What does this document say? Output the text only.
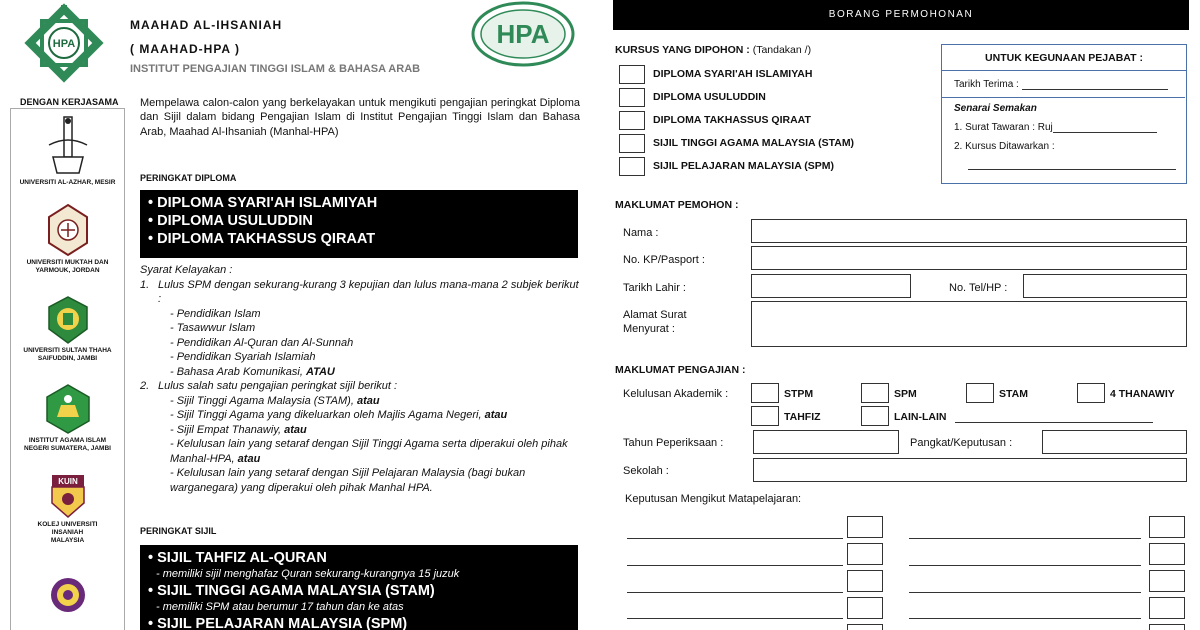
HPA
MAAHAD AL-IHSANIAH
( MAAHAD-HPA )
INSTITUT PENGAJIAN TINGGI ISLAM & BAHASA ARAB
HPA
DENGAN KERJASAMA
UNIVERSITI AL-AZHAR, MESIR
UNIVERSITI MUKTAH DAN
YARMOUK, JORDAN
UNIVERSITI SULTAN THAHA
SAIFUDDIN, JAMBI
INSTITUT AGAMA ISLAM
NEGERI SUMATERA, JAMBI
KUIN
KOLEJ UNIVERSITI
INSANIAH
MALAYSIA
Mempelawa calon-calon yang berkelayakan untuk mengikuti pengajian peringkat Diploma dan Sijil dalam bidang Pengajian Islam di Institut Pengajian Tinggi Islam dan Bahasa Arab, Maahad Al-Ihsaniah (Manhal-HPA)
PERINGKAT DIPLOMA
• DIPLOMA SYARI'AH ISLAMIYAH
• DIPLOMA USULUDDIN
• DIPLOMA TAKHASSUS QIRAAT
Syarat Kelayakan :
1. Lulus SPM dengan sekurang-kurang 3 kepujian dan lulus mana-mana 2 subjek berikut :
- Pendidikan Islam
- Tasawwur Islam
- Pendidikan Al-Quran dan Al-Sunnah
- Pendidikan Syariah Islamiah
- Bahasa Arab Komunikasi, ATAU
2. Lulus salah satu pengajian peringkat sijil berikut :
- Sijil Tinggi Agama Malaysia (STAM), atau
- Sijil Tinggi Agama yang dikeluarkan oleh Majlis Agama Negeri, atau
- Sijil Empat Thanawiy, atau
- Kelulusan lain yang setaraf dengan Sijil Tinggi Agama serta diperakui oleh pihak Manhal-HPA, atau
- Kelulusan lain yang setaraf dengan Sijil Pelajaran Malaysia (bagi bukan warganegara) yang diperakui oleh pihak Manhal HPA.
PERINGKAT SIJIL
• SIJIL TAHFIZ AL-QURAN
- memiliki sijil menghafaz Quran sekurang-kurangnya 15 juzuk
• SIJIL TINGGI AGAMA MALAYSIA (STAM)
- memiliki SPM atau berumur 17 tahun dan ke atas
• SIJIL PELAJARAN MALAYSIA (SPM)
BORANG PERMOHONAN
KURSUS YANG DIPOHON : (Tandakan /)
DIPLOMA SYARI'AH ISLAMIYAH
DIPLOMA USULUDDIN
DIPLOMA TAKHASSUS QIRAAT
SIJIL TINGGI AGAMA MALAYSIA (STAM)
SIJIL PELAJARAN MALAYSIA (SPM)
UNTUK KEGUNAAN PEJABAT :
Tarikh Terima :
Senarai Semakan
1. Surat Tawaran : Ruj
2. Kursus Ditawarkan :
MAKLUMAT PEMOHON :
Nama :
No. KP/Pasport :
Tarikh Lahir :	No. Tel/HP :
Alamat Surat
Menyurat :
MAKLUMAT PENGAJIAN :
Kelulusan Akademik :	STPM	SPM	STAM	4 THANAWIY
TAHFIZ	LAIN-LAIN
Tahun Peperiksaan :	Pangkat/Keputusan :
Sekolah :
Keputusan Mengikut Matapelajaran:
